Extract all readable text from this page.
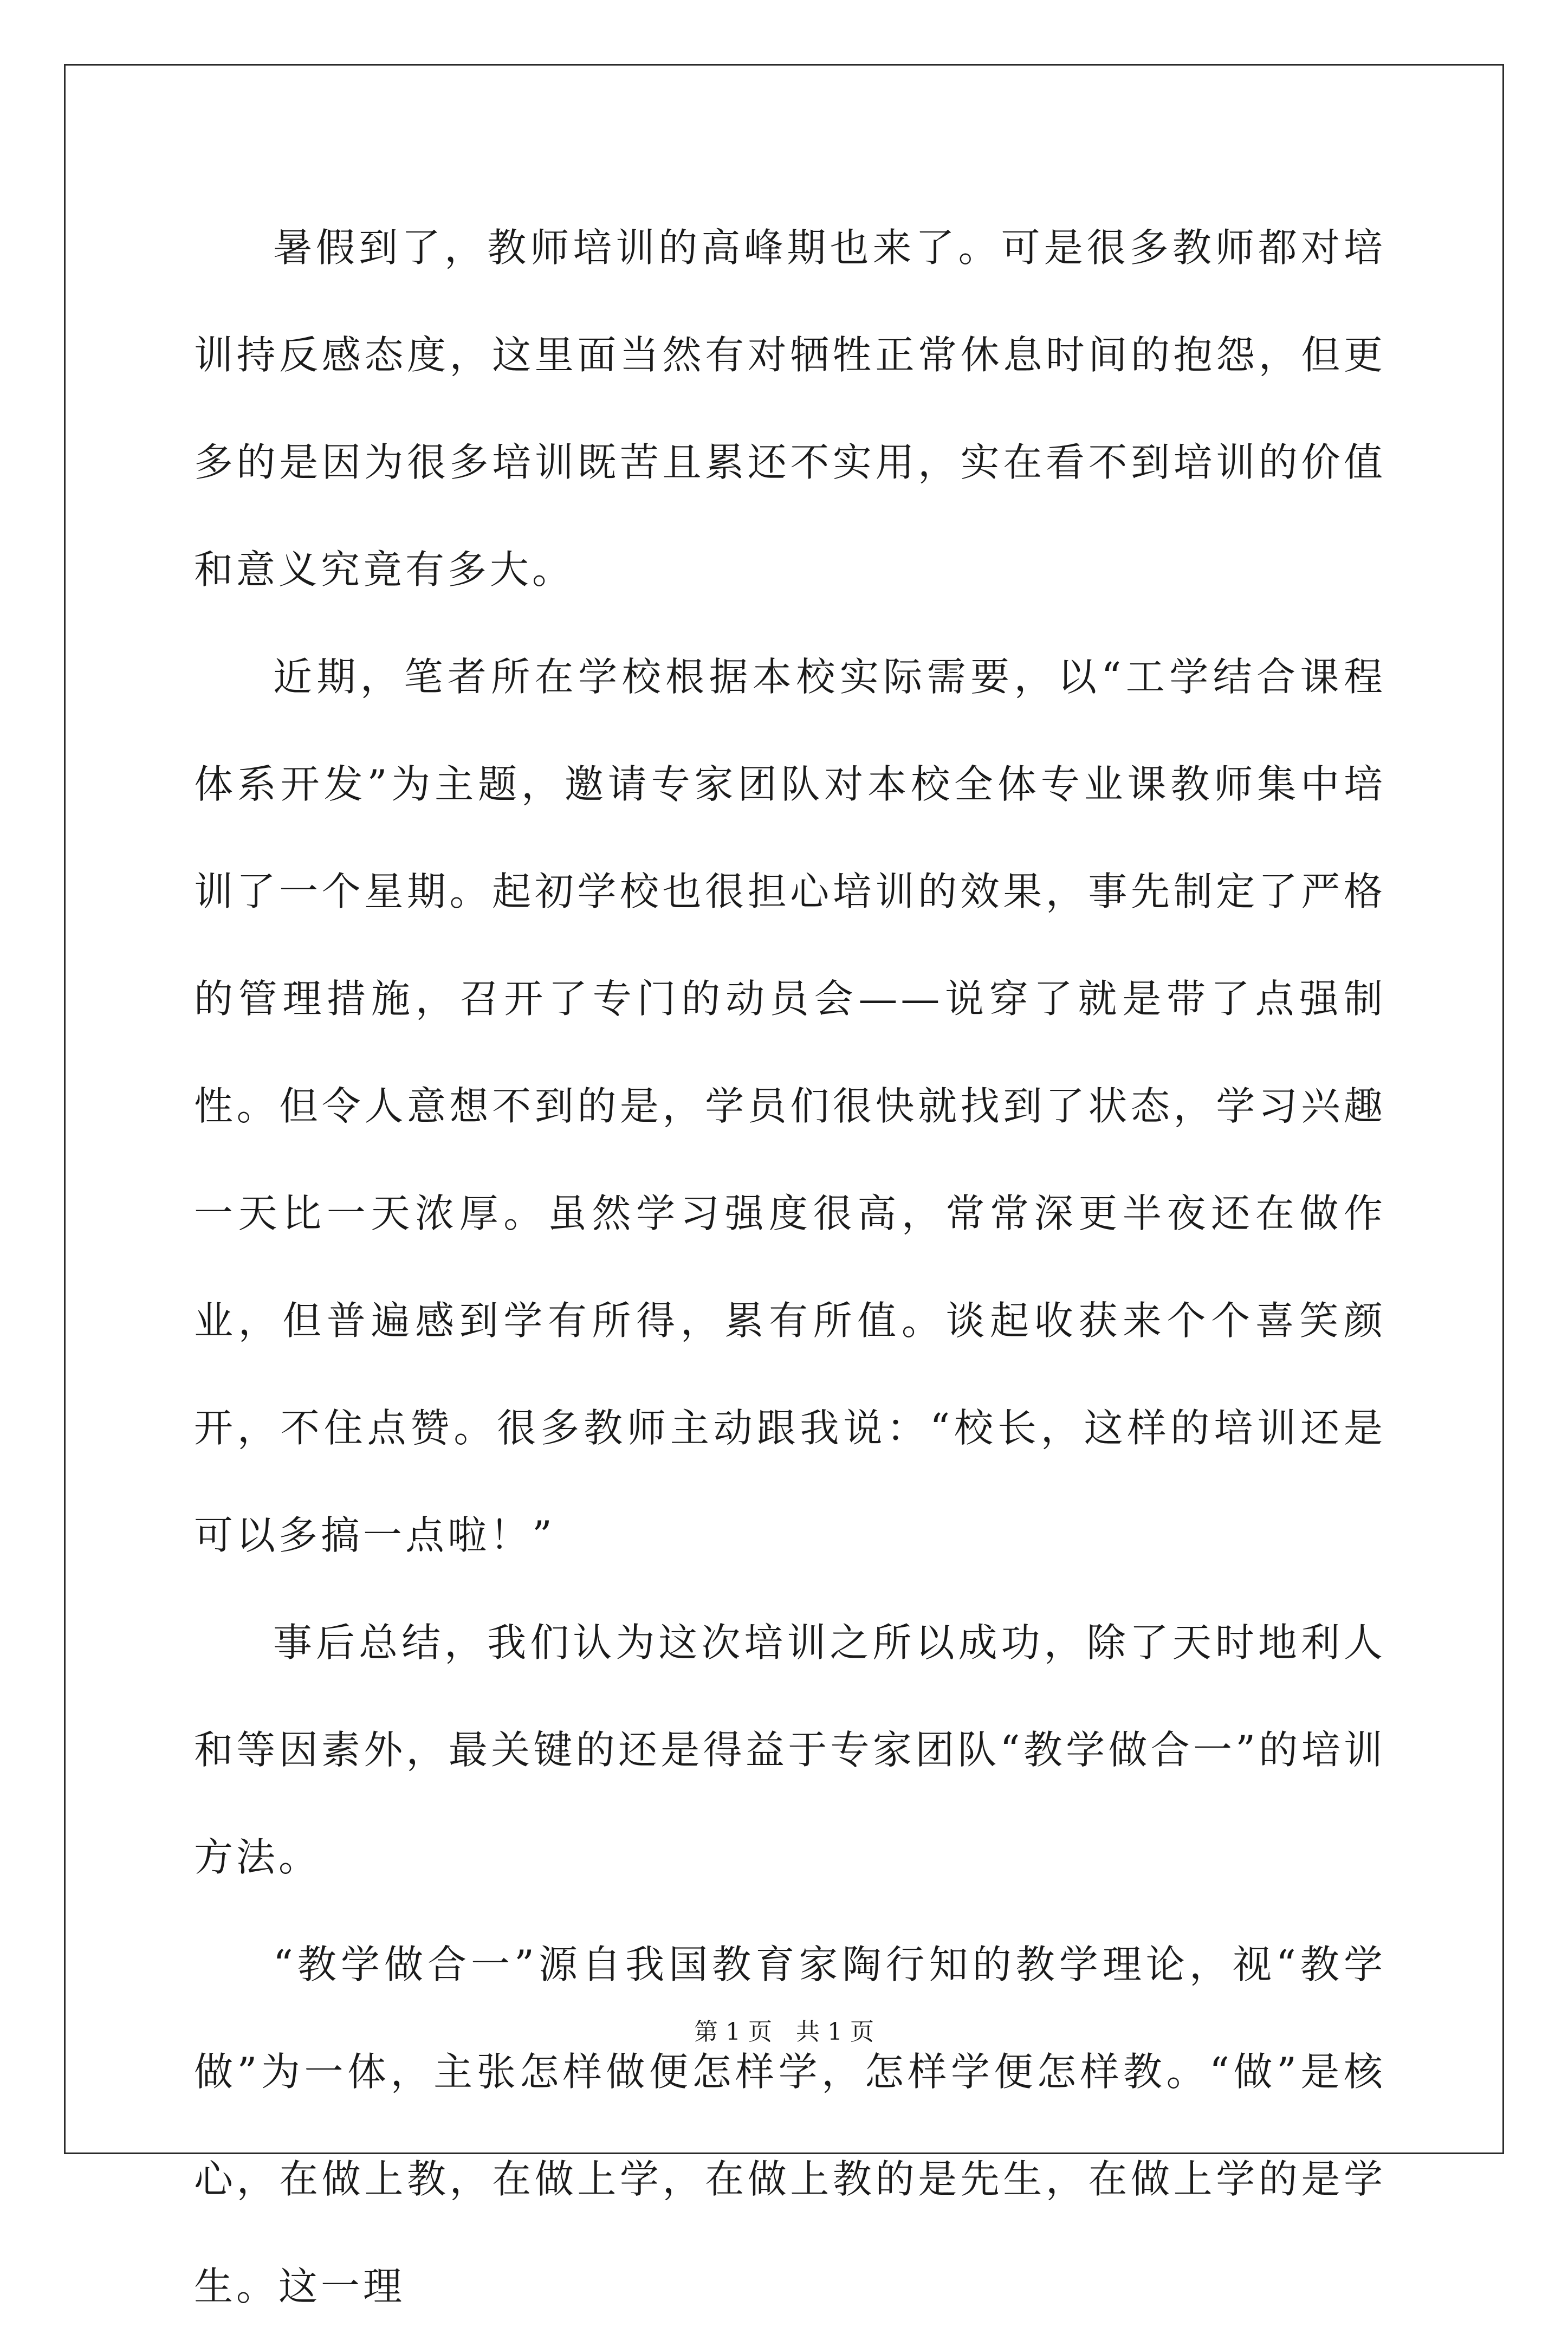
暑假到了，教师培训的高峰期也来了。可是很多教师都对培训持反感态度，这里面当然有对牺牲正常休息时间的抱怨，但更多的是因为很多培训既苦且累还不实用，实在看不到培训的价值和意义究竟有多大。

近期，笔者所在学校根据本校实际需要，以“工学结合课程体系开发”为主题，邀请专家团队对本校全体专业课教师集中培训了一个星期。起初学校也很担心培训的效果，事先制定了严格的管理措施，召开了专门的动员会——说穿了就是带了点强制性。但令人意想不到的是，学员们很快就找到了状态，学习兴趣一天比一天浓厚。虽然学习强度很高，常常深更半夜还在做作业，但普遍感到学有所得，累有所值。谈起收获来个个喜笑颜开，不住点赞。很多教师主动跟我说：“校长，这样的培训还是可以多搞一点啦！”

事后总结，我们认为这次培训之所以成功，除了天时地利人和等因素外，最关键的还是得益于专家团队“教学做合一”的培训方法。

“教学做合一”源自我国教育家陶行知的教学理论，视“教学做”为一体，主张怎样做便怎样学，怎样学便怎样教。“做”是核心，在做上教，在做上学，在做上教的是先生，在做上学的是学生。这一理

第 1 页　共 1 页
